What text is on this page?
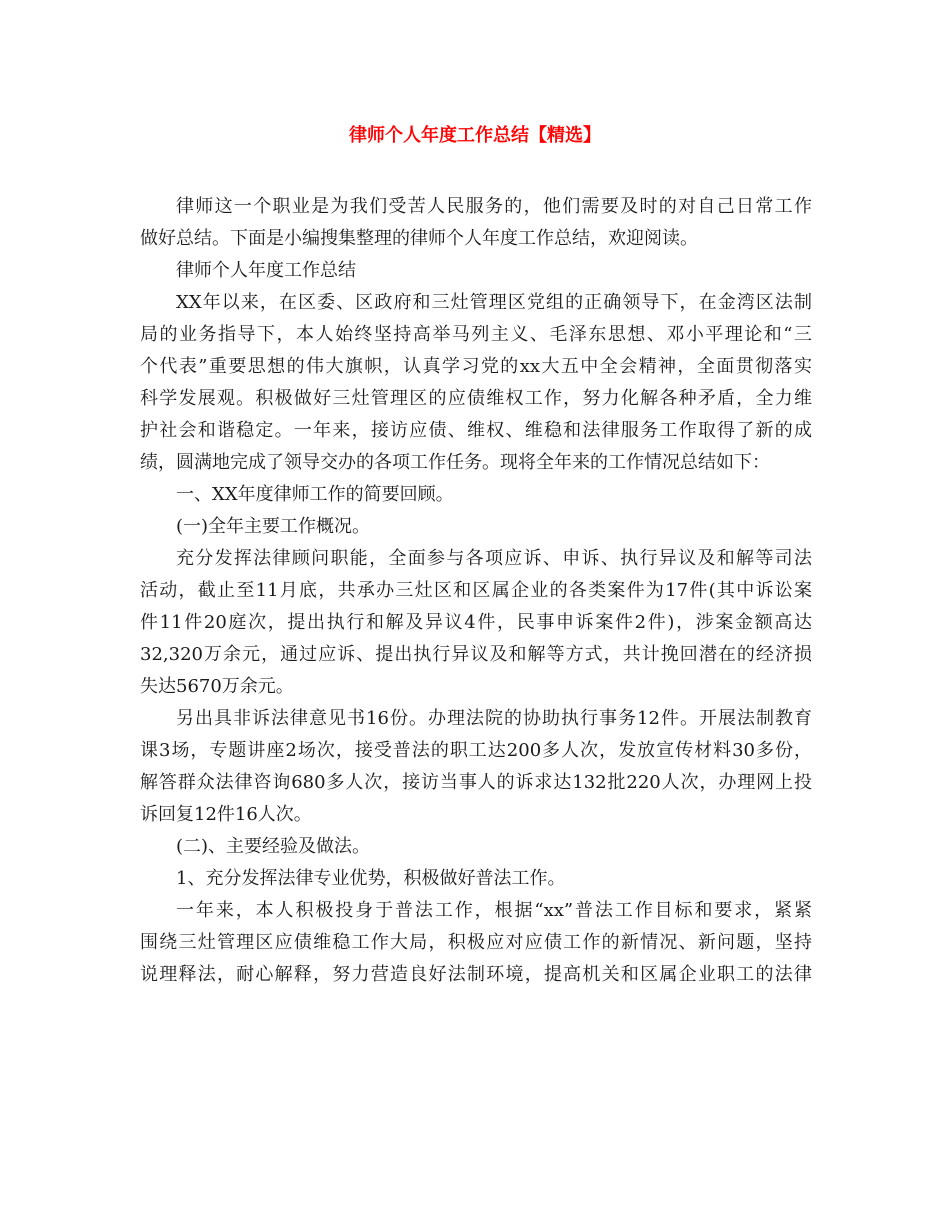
律师个人年度工作总结【精选】
律师这一个职业是为我们受苦人民服务的，他们需要及时的对自己日常工作
做好总结。下面是小编搜集整理的律师个人年度工作总结，欢迎阅读。
律师个人年度工作总结
XX年以来，在区委、区政府和三灶管理区党组的正确领导下，在金湾区法制
局的业务指导下，本人始终坚持高举马列主义、毛泽东思想、邓小平理论和“三
个代表”重要思想的伟大旗帜，认真学习党的xx大五中全会精神，全面贯彻落实
科学发展观。积极做好三灶管理区的应债维权工作，努力化解各种矛盾，全力维
护社会和谐稳定。一年来，接访应债、维权、维稳和法律服务工作取得了新的成
绩，圆满地完成了领导交办的各项工作任务。现将全年来的工作情况总结如下：
一、XX年度律师工作的简要回顾。
(一)全年主要工作概况。
充分发挥法律顾问职能，全面参与各项应诉、申诉、执行异议及和解等司法
活动，截止至11月底，共承办三灶区和区属企业的各类案件为17件(其中诉讼案
件11件20庭次，提出执行和解及异议4件，民事申诉案件2件)，涉案金额高达
32,320万余元，通过应诉、提出执行异议及和解等方式，共计挽回潜在的经济损
失达5670万余元。
另出具非诉法律意见书16份。办理法院的协助执行事务12件。开展法制教育
课3场，专题讲座2场次，接受普法的职工达200多人次，发放宣传材料30多份，
解答群众法律咨询680多人次，接访当事人的诉求达132批220人次，办理网上投
诉回复12件16人次。
(二)、主要经验及做法。
1、充分发挥法律专业优势，积极做好普法工作。
一年来，本人积极投身于普法工作，根据“xx”普法工作目标和要求，紧紧
围绕三灶管理区应债维稳工作大局，积极应对应债工作的新情况、新问题，坚持
说理释法，耐心解释，努力营造良好法制环境，提高机关和区属企业职工的法律
